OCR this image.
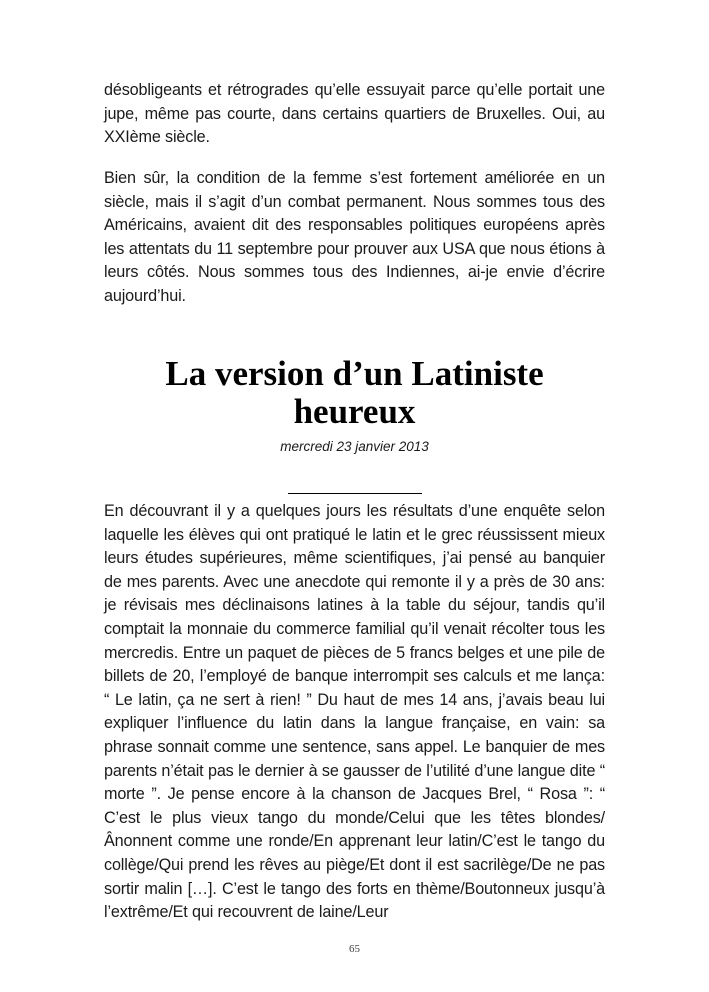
désobligeants et rétrogrades qu’elle essuyait parce qu’elle portait une jupe, même pas courte, dans certains quartiers de Bruxelles. Oui, au XXIème siècle.

Bien sûr, la condition de la femme s’est fortement améliorée en un siècle, mais il s’agit d’un combat permanent. Nous sommes tous des Américains, avaient dit des responsables politiques européens après les attentats du 11 septembre pour prouver aux USA que nous étions à leurs côtés. Nous sommes tous des Indiennes, ai-je envie d’écrire aujourd’hui.

La version d’un Latiniste heureux

mercredi 23 janvier 2013

En découvrant il y a quelques jours les résultats d’une enquête selon laquelle les élèves qui ont pratiqué le latin et le grec réussissent mieux leurs études supérieures, même scientifiques, j’ai pensé au banquier de mes parents. Avec une anecdote qui remonte il y a près de 30 ans: je révisais mes déclinaisons latines à la table du séjour, tandis qu’il comptait la monnaie du commerce familial qu’il venait récolter tous les mercredis. Entre un paquet de pièces de 5 francs belges et une pile de billets de 20, l’employé de banque interrompit ses calculs et me lança: “ Le latin, ça ne sert à rien! ” Du haut de mes 14 ans, j’avais beau lui expliquer l’influence du latin dans la langue française, en vain: sa phrase sonnait comme une sentence, sans appel. Le banquier de mes parents n’était pas le dernier à se gausser de l’utilité d’une langue dite “ morte ”. Je pense encore à la chanson de Jacques Brel, “ Rosa ”: “ C’est le plus vieux tango du monde/Celui que les têtes blondes/Ânonnent comme une ronde/En apprenant leur latin/C’est le tango du collège/Qui prend les rêves au piège/Et dont il est sacrilège/De ne pas sortir malin […]. C’est le tango des forts en thème/Boutonneux jusqu’à l’extrême/Et qui recouvrent de laine/Leur

65
